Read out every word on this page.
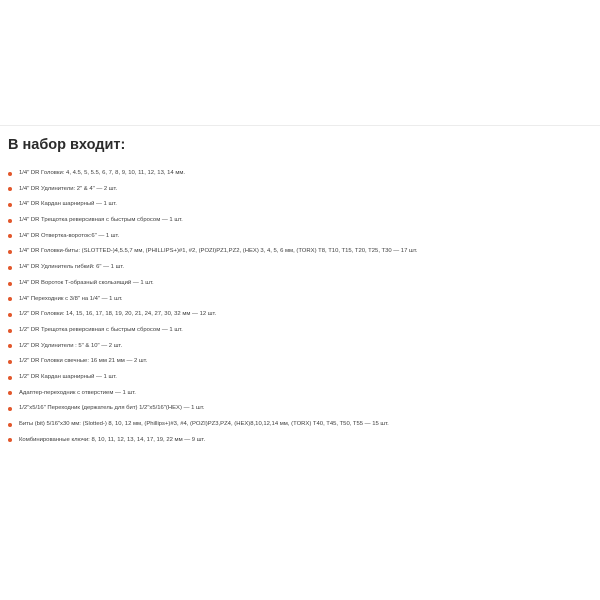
В набор входит:
1/4" DR Головки: 4, 4.5, 5, 5.5, 6, 7, 8, 9, 10, 11, 12, 13, 14 мм.
1/4" DR Удлинители: 2" & 4" — 2 шт.
1/4" DR Кардан шарнирный — 1 шт.
1/4" DR Трещотка реверсивная с быстрым сбросом — 1 шт.
1/4" DR Отвертка-вороток:6" — 1 шт.
1/4" DR Головки-биты: (SLOTTED-)4,5.5,7 мм, (PHILLIPS+)#1, #2, (POZI)PZ1,PZ2, (HEX) 3, 4, 5, 6 мм, (TORX) T8, T10, T15, T20, T25, T30 — 17 шт.
1/4" DR Удлинитель гибкий: 6" — 1 шт.
1/4" DR Вороток Т-образный скользящий — 1 шт.
1/4" Переходник с 3/8" на 1/4" — 1 шт.
1/2" DR Головки: 14, 15, 16, 17, 18, 19, 20, 21, 24, 27, 30, 32 мм — 12 шт.
1/2" DR Трещотка реверсивная с быстрым сбросом — 1 шт.
1/2" DR Удлинители : 5" & 10" — 2 шт.
1/2" DR Головки свечные: 16 мм 21 мм — 2 шт.
1/2" DR Кардан шарнирный — 1 шт.
Адаптер-переходник с отверстием — 1 шт.
1/2"x5/16" Переходник (держатель для бит) 1/2"x5/16"(HEX) — 1 шт.
Биты (bit) 5/16"x30 мм: (Slotted-) 8, 10, 12 мм, (Phillips+)#3, #4, (POZI)PZ3,PZ4, (HEX)8,10,12,14 мм, (TORX) T40, T45, T50, T55 — 15 шт.
Комбинированные ключи: 8, 10, 11, 12, 13, 14, 17, 19, 22 мм — 9 шт.
